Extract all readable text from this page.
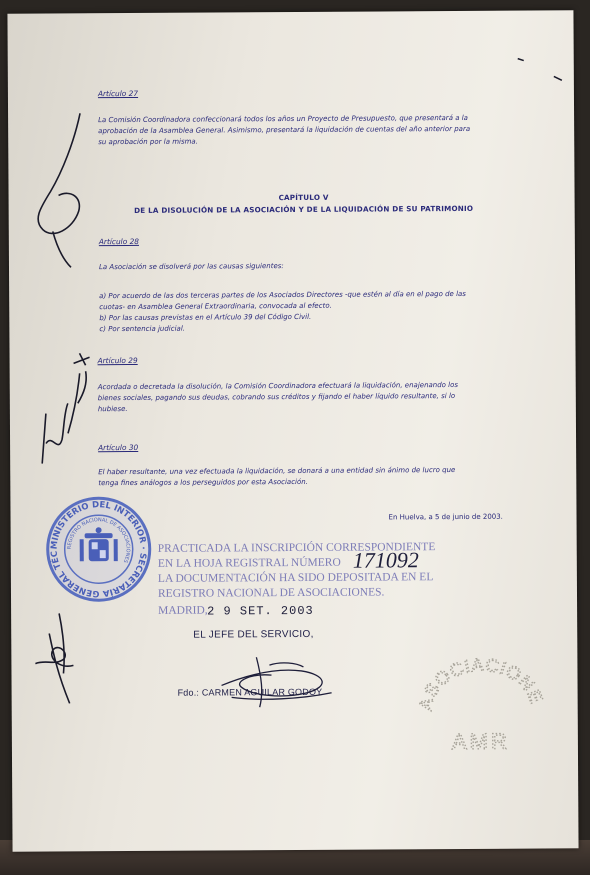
Artículo 27
La Comisión Coordinadora confeccionará todos los años un Proyecto de Presupuesto, que presentará a la
aprobación de la Asamblea General. Asimismo, presentará la liquidación de cuentas del año anterior para
su aprobación por la misma.
CAPÍTULO V
DE LA DISOLUCIÓN DE LA ASOCIACIÓN Y DE LA LIQUIDACIÓN DE SU PATRIMONIO
Artículo 28
La Asociación se disolverá por las causas siguientes:
a) Por acuerdo de las dos terceras partes de los Asociados Directores -que estén al día en el pago de las
cuotas- en Asamblea General Extraordinaria, convocada al efecto.
b) Por las causas previstas en el Artículo 39 del Código Civil.
c) Por sentencia judicial.
Artículo 29
Acordada o decretada la disolución, la Comisión Coordinadora efectuará la liquidación, enajenando los
bienes sociales, pagando sus deudas, cobrando sus créditos y fijando el haber líquido resultante, si lo
hubiese.
Artículo 30
El haber resultante, una vez efectuada la liquidación, se donará a una entidad sin ánimo de lucro que
tenga fines análogos a los perseguidos por esta Asociación.
En Huelva, a 5 de junio de 2003.
MINISTERIO DEL INTERIOR · SECRETARÍA GENERAL TÉCNICA ·
REGISTRO NACIONAL DE ASOCIACIONES
PRACTICADA LA INSCRIPCIÓN CORRESPONDIENTE
EN LA HOJA REGISTRAL NÚMERO 171092
LA DOCUMENTACIÓN HA SIDO DEPOSITADA EN EL
REGISTRO NACIONAL DE ASOCIACIONES.
MADRID, 2 9 SET. 2003
EL JEFE DEL SERVICIO,
Fdo.: CARMEN AGUILAR GODOY
ASOCIACIONES
AMR
